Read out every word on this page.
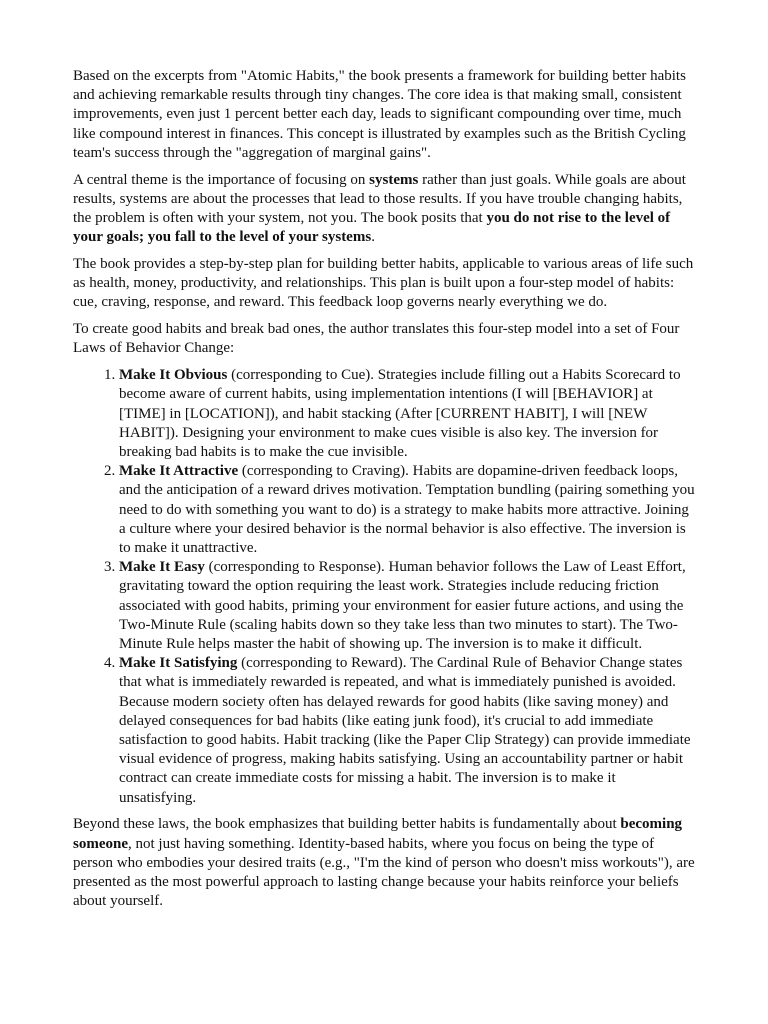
Based on the excerpts from "Atomic Habits," the book presents a framework for building better habits and achieving remarkable results through tiny changes. The core idea is that making small, consistent improvements, even just 1 percent better each day, leads to significant compounding over time, much like compound interest in finances. This concept is illustrated by examples such as the British Cycling team's success through the "aggregation of marginal gains".

A central theme is the importance of focusing on systems rather than just goals. While goals are about results, systems are about the processes that lead to those results. If you have trouble changing habits, the problem is often with your system, not you. The book posits that you do not rise to the level of your goals; you fall to the level of your systems.

The book provides a step-by-step plan for building better habits, applicable to various areas of life such as health, money, productivity, and relationships. This plan is built upon a four-step model of habits: cue, craving, response, and reward. This feedback loop governs nearly everything we do.

To create good habits and break bad ones, the author translates this four-step model into a set of Four Laws of Behavior Change:

1. Make It Obvious (corresponding to Cue). Strategies include filling out a Habits Scorecard to become aware of current habits, using implementation intentions (I will [BEHAVIOR] at [TIME] in [LOCATION]), and habit stacking (After [CURRENT HABIT], I will [NEW HABIT]). Designing your environment to make cues visible is also key. The inversion for breaking bad habits is to make the cue invisible.
2. Make It Attractive (corresponding to Craving). Habits are dopamine-driven feedback loops, and the anticipation of a reward drives motivation. Temptation bundling (pairing something you need to do with something you want to do) is a strategy to make habits more attractive. Joining a culture where your desired behavior is the normal behavior is also effective. The inversion is to make it unattractive.
3. Make It Easy (corresponding to Response). Human behavior follows the Law of Least Effort, gravitating toward the option requiring the least work. Strategies include reducing friction associated with good habits, priming your environment for easier future actions, and using the Two-Minute Rule (scaling habits down so they take less than two minutes to start). The Two-Minute Rule helps master the habit of showing up. The inversion is to make it difficult.
4. Make It Satisfying (corresponding to Reward). The Cardinal Rule of Behavior Change states that what is immediately rewarded is repeated, and what is immediately punished is avoided. Because modern society often has delayed rewards for good habits (like saving money) and delayed consequences for bad habits (like eating junk food), it's crucial to add immediate satisfaction to good habits. Habit tracking (like the Paper Clip Strategy) can provide immediate visual evidence of progress, making habits satisfying. Using an accountability partner or habit contract can create immediate costs for missing a habit. The inversion is to make it unsatisfying.

Beyond these laws, the book emphasizes that building better habits is fundamentally about becoming someone, not just having something. Identity-based habits, where you focus on being the type of person who embodies your desired traits (e.g., "I'm the kind of person who doesn't miss workouts"), are presented as the most powerful approach to lasting change because your habits reinforce your beliefs about yourself.
